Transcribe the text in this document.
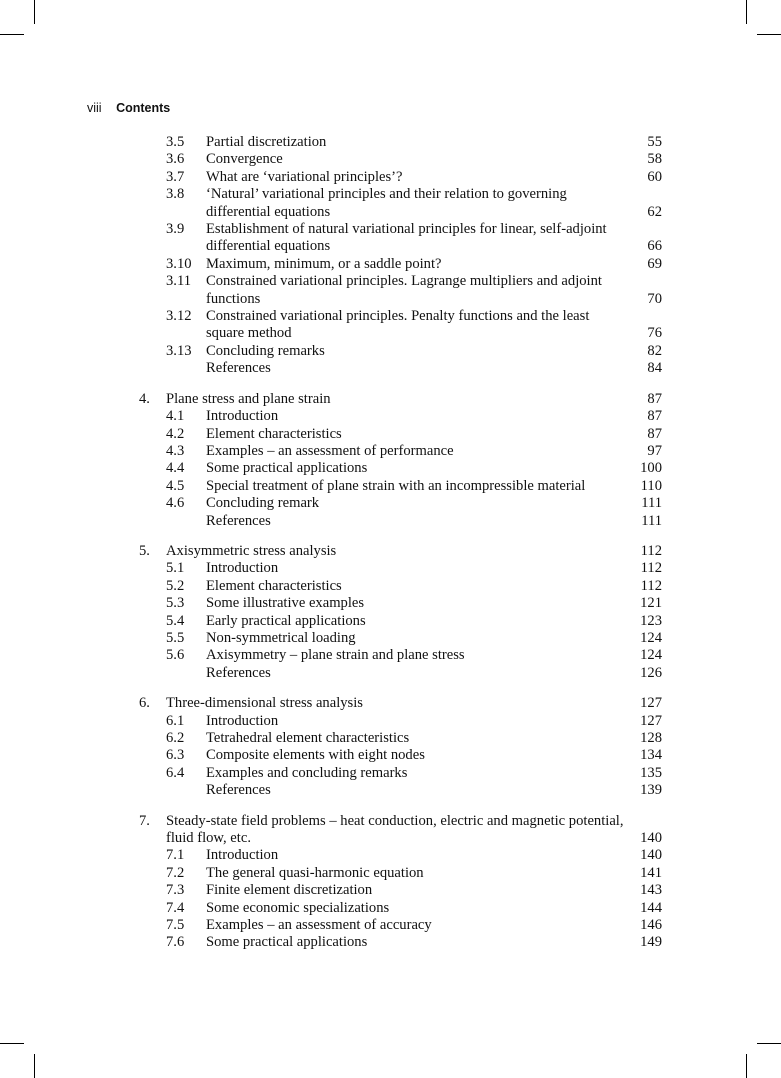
viii Contents
3.5 Partial discretization	55
3.6 Convergence	58
3.7 What are ‘variational principles’?	60
3.8 ‘Natural’ variational principles and their relation to governing differential equations	62
3.9 Establishment of natural variational principles for linear, self-adjoint differential equations	66
3.10 Maximum, minimum, or a saddle point?	69
3.11 Constrained variational principles. Lagrange multipliers and adjoint functions	70
3.12 Constrained variational principles. Penalty functions and the least square method	76
3.13 Concluding remarks	82
References	84
4. Plane stress and plane strain	87
4.1 Introduction	87
4.2 Element characteristics	87
4.3 Examples – an assessment of performance	97
4.4 Some practical applications	100
4.5 Special treatment of plane strain with an incompressible material	110
4.6 Concluding remark	111
References	111
5. Axisymmetric stress analysis	112
5.1 Introduction	112
5.2 Element characteristics	112
5.3 Some illustrative examples	121
5.4 Early practical applications	123
5.5 Non-symmetrical loading	124
5.6 Axisymmetry – plane strain and plane stress	124
References	126
6. Three-dimensional stress analysis	127
6.1 Introduction	127
6.2 Tetrahedral element characteristics	128
6.3 Composite elements with eight nodes	134
6.4 Examples and concluding remarks	135
References	139
7. Steady-state field problems – heat conduction, electric and magnetic potential, fluid flow, etc.	140
7.1 Introduction	140
7.2 The general quasi-harmonic equation	141
7.3 Finite element discretization	143
7.4 Some economic specializations	144
7.5 Examples – an assessment of accuracy	146
7.6 Some practical applications	149
